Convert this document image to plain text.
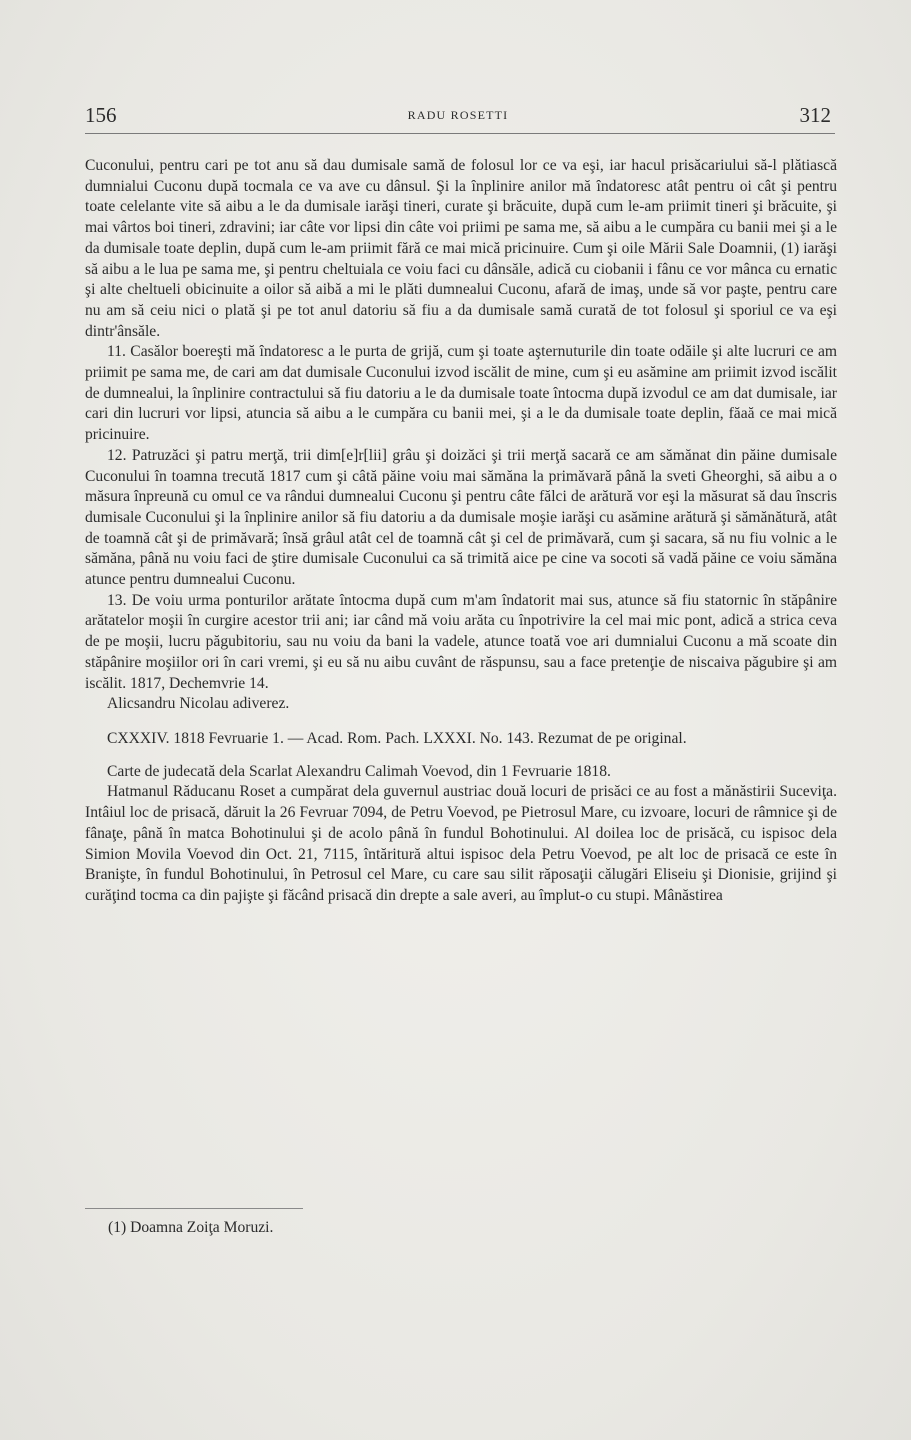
156	RADU ROSETTI	312

Cuconului, pentru cari pe tot anu să dau dumisale samă de folosul lor ce va eşi, iar hacul prisăcariului să-l plătiască dumnialui Cuconu după tocmala ce va ave cu dânsul. Şi la înplinire anilor mă îndatoresc atât pentru oi cât şi pentru toate celelante vite să aibu a le da dumisale iarăşi tineri, curate şi brăcuite, după cum le-am priimit tineri şi brăcuite, şi mai vârtos boi tineri, zdravini; iar câte vor lipsi din câte voi priimi pe sama me, să aibu a le cumpăra cu banii mei şi a le da dumisale toate deplin, după cum le-am priimit fără ce mai mică pricinuire. Cum şi oile Mării Sale Doamnii, (1) iarăşi să aibu a le lua pe sama me, şi pentru cheltuiala ce voiu faci cu dânsăle, adică cu ciobanii i fânu ce vor mânca cu ernatic şi alte cheltueli obicinuite a oilor să aibă a mi le plăti dumnealui Cuconu, afară de imaş, unde să vor paşte, pentru care nu am să ceiu nici o plată şi pe tot anul datoriu să fiu a da dumisale samă curată de tot folosul şi sporiul ce va eşi dintr'ânsăle.

11. Casălor boereşti mă îndatoresc a le purta de grijă, cum şi toate aşternuturile din toate odăile şi alte lucruri ce am priimit pe sama me, de cari am dat dumisale Cuconului izvod iscălit de mine, cum şi eu asămine am priimit izvod iscălit de dumnealui, la înplinire contractului să fiu datoriu a le da dumisale toate întocma după izvodul ce am dat dumisale, iar cari din lucruri vor lipsi, atuncia să aibu a le cumpăra cu banii mei, şi a le da dumisale toate deplin, făaă ce mai mică pricinuire.

12. Patruzăci şi patru merţă, trii dim[e]r[lii] grâu şi doizăci şi trii merţă sacară ce am sămănat din păine dumisale Cuconului în toamna trecută 1817 cum şi câtă păine voiu mai sămăna la primăvară până la sveti Gheorghi, să aibu a o măsura înpreună cu omul ce va rândui dumnealui Cuconu şi pentru câte fălci de arătură vor eşi la măsurat să dau înscris dumisale Cuconului şi la înplinire anilor să fiu datoriu a da dumisale moşie iarăşi cu asămine arătură şi sămănătură, atât de toamnă cât şi de primăvară; însă grâul atât cel de toamnă cât şi cel de primăvară, cum şi sacara, să nu fiu volnic a le sămăna, până nu voiu faci de ştire dumisale Cuconului ca să trimită aice pe cine va socoti să vadă păine ce voiu sămăna atunce pentru dumnealui Cuconu.

13. De voiu urma ponturilor arătate întocma după cum m'am îndatorit mai sus, atunce să fiu statornic în stăpânire arătatelor moşii în curgire acestor trii ani; iar când mă voiu arăta cu înpotrivire la cel mai mic pont, adică a strica ceva de pe moşii, lucru păgubitoriu, sau nu voiu da bani la vadele, atunce toată voe ari dumnialui Cuconu a mă scoate din stăpânire moşiilor ori în cari vremi, şi eu să nu aibu cuvânt de răspunsu, sau a face pretenţie de niscaiva păgubire şi am iscălit. 1817, Dechemvrie 14.

Alicsandru Nicolau adiverez.

CXXXIV. 1818 Fevruarie 1. — Acad. Rom. Pach. LXXXI. No. 143. Rezumat de pe original.

Carte de judecată dela Scarlat Alexandru Calimah Voevod, din 1 Fevruarie 1818.

Hatmanul Răducanu Roset a cumpărat dela guvernul austriac două locuri de prisăci ce au fost a mănăstirii Suceviţa. Intâiul loc de prisacă, dăruit la 26 Fevruar 7094, de Petru Voevod, pe Pietrosul Mare, cu izvoare, locuri de râmnice şi de fânaţe, până în matca Bohotinului şi de acolo până în fundul Bohotinului. Al doilea loc de prisăcă, cu ispisoc dela Simion Movila Voevod din Oct. 21, 7115, întăritură altui ispisoc dela Petru Voevod, pe alt loc de prisacă ce este în Branişte, în fundul Bohotinului, în Petrosul cel Mare, cu care sau silit răposaţii călugări Eliseiu şi Dionisie, grijind şi curăţind tocma ca din pajişte şi făcând prisacă din drepte a sale averi, au împlut-o cu stupi. Mânăstirea

(1) Doamna Zoiţa Moruzi.
